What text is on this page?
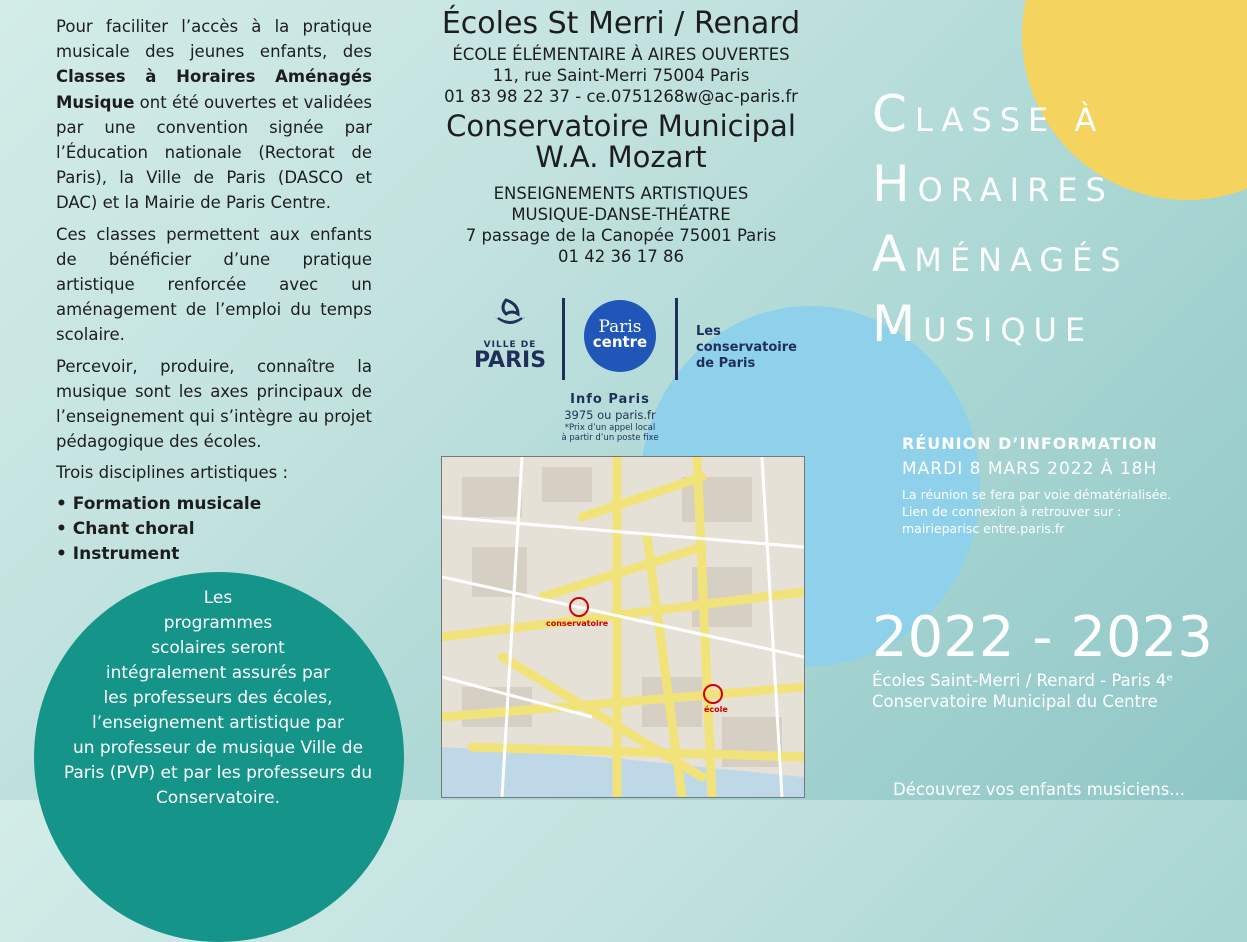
Pour faciliter l’accès à la pratique musicale des jeunes enfants, des Classes à Horaires Aménagés Musique ont été ouvertes et validées par une convention signée par l’Éducation nationale (Rectorat de Paris), la Ville de Paris (DASCO et DAC) et la Mairie de Paris Centre.

Ces classes permettent aux enfants de bénéficier d’une pratique artistique renforcée avec un aménagement de l’emploi du temps scolaire.

Percevoir, produire, connaître la musique sont les axes principaux de l’enseignement qui s’intègre au projet pédagogique des écoles.

Trois disciplines artistiques :

• Formation musicale
• Chant choral
• Instrument
Les
programmes
scolaires seront
intégralement assurés par
les professeurs des écoles,
l’enseignement artistique par
un professeur de musique Ville de
Paris (PVP) et par les professeurs du
Conservatoire.
Écoles St Merri / Renard
ÉCOLE ÉLÉMENTAIRE À AIRES OUVERTES
11, rue Saint-Merri 75004 Paris
01 83 98 22 37 - ce.0751268w@ac-paris.fr
Conservatoire Municipal
W.A. Mozart
ENSEIGNEMENTS ARTISTIQUES
MUSIQUE-DANSE-THÉATRE
7 passage de la Canopée 75001 Paris
01 42 36 17 86
VILLE DE
PARIS
Paris
centre
Les
conservatoire
de Paris
Info Paris
3975 ou paris.fr
*Prix d’un appel local
à partir d’un poste fixe
conservatoire
école
CLASSE À
HORAIRES
AMÉNAGÉS
MUSIQUE
RÉUNION D’INFORMATION
MARDI 8 MARS 2022 À 18H
La réunion se fera par voie dématérialisée. Lien de connexion à retrouver sur : mairieparisc entre.paris.fr
2022 - 2023
Écoles Saint-Merri / Renard - Paris 4ᵉ
Conservatoire Municipal du Centre
Découvrez vos enfants musiciens...
